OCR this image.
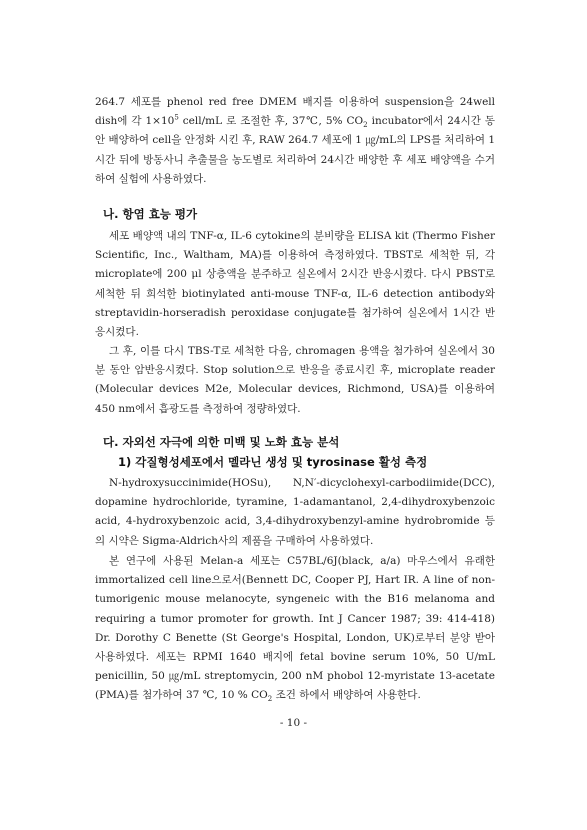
264.7 세포를 phenol red free DMEM 배지를 이용하여 suspension을 24well dish에 각 $1\times 10^5$ cell/mL 로 조절한 후, 37℃, 5% $CO_2$ incubator에서 24시간 동안 배양하여 cell을 안정화 시킨 후, RAW 264.7 세포에 1 ㎍/mL의 LPS를 처리하여 1시간 뒤에 방동사니 추출물을 농도별로 처리하여 24시간 배양한 후 세포 배양액을 수거하여 실험에 사용하였다.

나. 항염 효능 평가

세포 배양액 내의 TNF-α, IL-6 cytokine의 분비량을 ELISA kit (Thermo Fisher Scientific, Inc., Waltham, MA)를 이용하여 측정하였다. TBST로 세척한 뒤, 각 microplate에 200 μl 상층액을 분주하고 실온에서 2시간 반응시켰다. 다시 PBST로 세척한 뒤 희석한 biotinylated anti-mouse TNF-α, IL-6 detection antibody와 streptavidin-horseradish peroxidase conjugate를 첨가하여 실온에서 1시간 반응시켰다.

그 후, 이를 다시 TBS-T로 세척한 다음, chromagen 용액을 첨가하여 실온에서 30분 동안 암반응시켰다. Stop solution으로 반응을 종료시킨 후, microplate reader (Molecular devices M2e, Molecular devices, Richmond, USA)를 이용하여 450 nm에서 흡광도를 측정하여 정량하였다.

다. 자외선 자극에 의한 미백 및 노화 효능 분석
1) 각질형성세포에서 멜라닌 생성 및 tyrosinase 활성 측정

N-hydroxysuccinimide(HOSu), N,N′-dicyclohexyl-carbodiimide(DCC), dopamine hydrochloride, tyramine, 1-adamantanol, 2,4-dihydroxybenzoic acid, 4-hydroxybenzoic acid, 3,4-dihydroxybenzyl-amine hydrobromide 등의 시약은 Sigma-Aldrich사의 제품을 구매하여 사용하였다.

본 연구에 사용된 Melan-a 세포는 C57BL/6J(black, a/a) 마우스에서 유래한 immortalized cell line으로서(Bennett DC, Cooper PJ, Hart IR. A line of non-tumorigenic mouse melanocyte, syngeneic with the B16 melanoma and requiring a tumor promoter for growth. Int J Cancer 1987; 39: 414-418) Dr. Dorothy C Benette (St George's Hospital, London, UK)로부터 분양 받아 사용하였다. 세포는 RPMI 1640 배지에 fetal bovine serum 10%, 50 U/mL penicillin, 50 ㎍/mL streptomycin, 200 nM phobol 12-myristate 13-acetate (PMA)를 첨가하여 37 ℃, 10 % $CO_2$ 조건 하에서 배양하여 사용한다.

- 10 -
